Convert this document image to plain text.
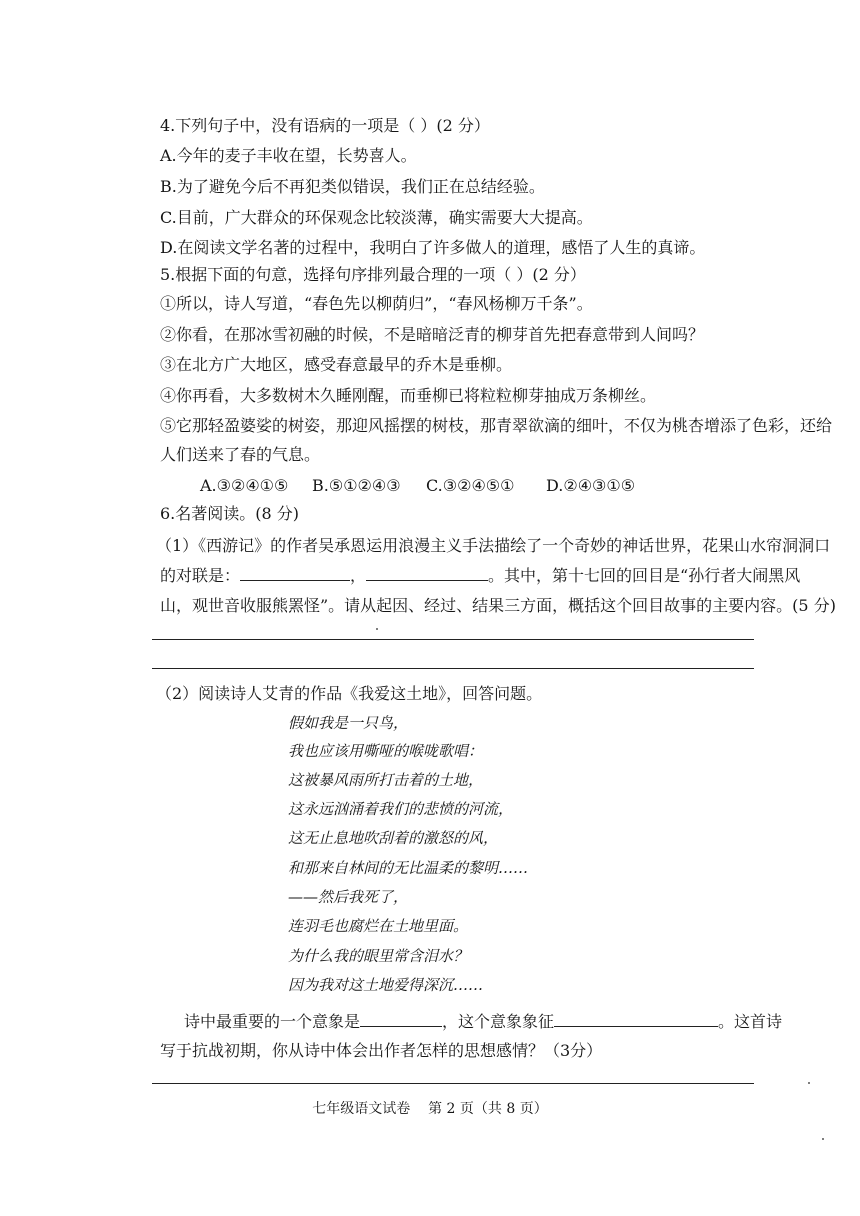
4.下列句子中，没有语病的一项是（ ）(2 分）
A.今年的麦子丰收在望，长势喜人。
B.为了避免今后不再犯类似错误，我们正在总结经验。
C.目前，广大群众的环保观念比较淡薄，确实需要大大提高。
D.在阅读文学名著的过程中，我明白了许多做人的道理，感悟了人生的真谛。
5.根据下面的句意，选择句序排列最合理的一项（ ）(2 分）
①所以，诗人写道，“春色先以柳荫归”，“春风杨柳万千条”。
②你看，在那冰雪初融的时候，不是暗暗泛青的柳芽首先把春意带到人间吗？
③在北方广大地区，感受春意最早的乔木是垂柳。
④你再看，大多数树木久睡刚醒，而垂柳已将粒粒柳芽抽成万条柳丝。
⑤它那轻盈婆娑的树姿，那迎风摇摆的树枝，那青翠欲滴的细叶，不仅为桃杏增添了色彩，还给
人们送来了春的气息。
A.③②④①⑤ B.⑤①②④③ C.③②④⑤① D.②④③①⑤
6.名著阅读。(8 分)
（1）《西游记》的作者吴承恩运用浪漫主义手法描绘了一个奇妙的神话世界，花果山水帘洞洞口
的对联是：	，	。其中，第十七回的回目是“孙行者大闹黑风
山，观世音收服熊罴怪”。请从起因、经过、结果三方面，概括这个回目故事的主要内容。(5 分)
（2）阅读诗人艾青的作品《我爱这土地》，回答问题。
假如我是一只鸟，
我也应该用嘶哑的喉咙歌唱：
这被暴风雨所打击着的土地，
这永远汹涌着我们的悲愤的河流，
这无止息地吹刮着的激怒的风，
和那来自林间的无比温柔的黎明……
——然后我死了，
连羽毛也腐烂在土地里面。
为什么我的眼里常含泪水？
因为我对这土地爱得深沉……
诗中最重要的一个意象是	，这个意象象征	。这首诗
写于抗战初期，你从诗中体会出作者怎样的思想感情？（3分）
七年级语文试卷    第 2 页（共 8 页）
